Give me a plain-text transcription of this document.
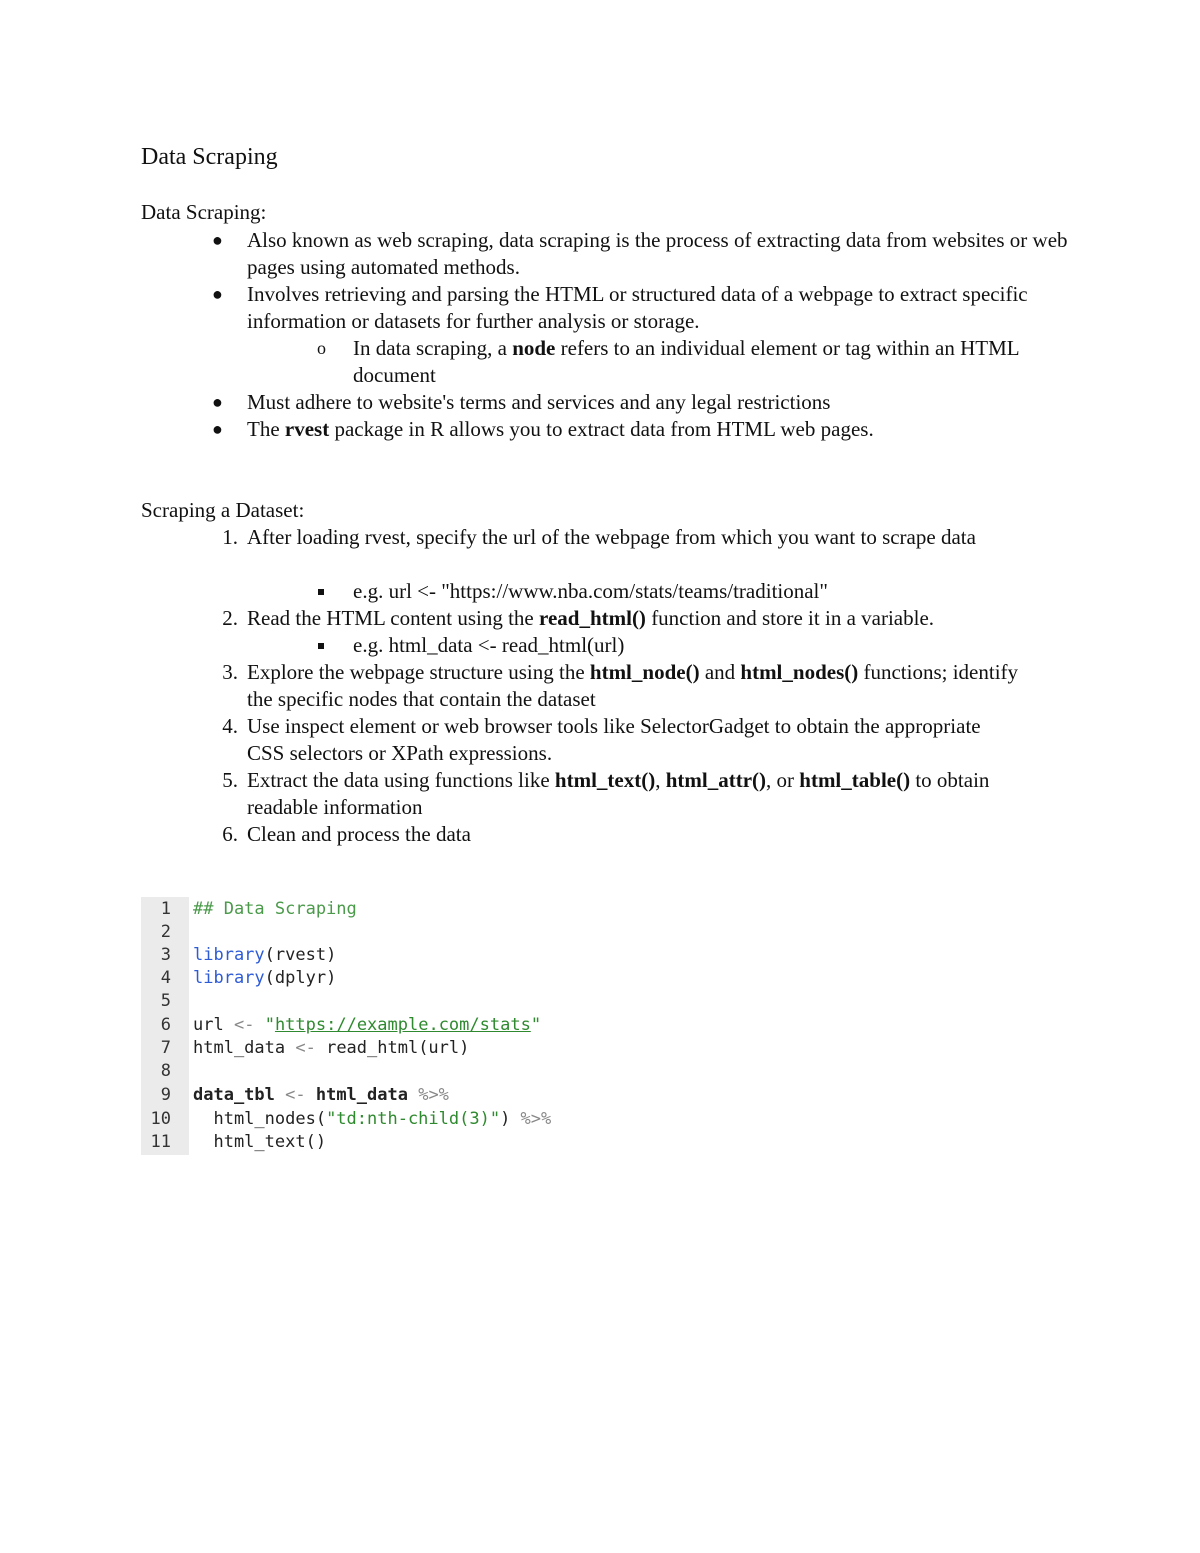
Data Scraping
Data Scraping:
● Also known as web scraping, data scraping is the process of extracting data from websites or web pages using automated methods.
● Involves retrieving and parsing the HTML or structured data of a webpage to extract specific information or datasets for further analysis or storage.
o In data scraping, a node refers to an individual element or tag within an HTML document
● Must adhere to website's terms and services and any legal restrictions
● The rvest package in R allows you to extract data from HTML web pages.
Scraping a Dataset:
1. After loading rvest, specify the url of the webpage from which you want to scrape data
e.g. url <- "https://www.nba.com/stats/teams/traditional"
2. Read the HTML content using the read_html() function and store it in a variable.
e.g. html_data <- read_html(url)
3. Explore the webpage structure using the html_node() and html_nodes() functions; identify the specific nodes that contain the dataset
4. Use inspect element or web browser tools like SelectorGadget to obtain the appropriate CSS selectors or XPath expressions.
5. Extract the data using functions like html_text(), html_attr(), or html_table() to obtain readable information
6. Clean and process the data
1
2
3
4
5
6
7
8
9
10
11
## Data Scraping
library(rvest)
library(dplyr)
url <- "https://example.com/stats"
html_data <- read_html(url)
data_tbl <- html_data %>%
html_nodes("td:nth-child(3)") %>%
html_text()
